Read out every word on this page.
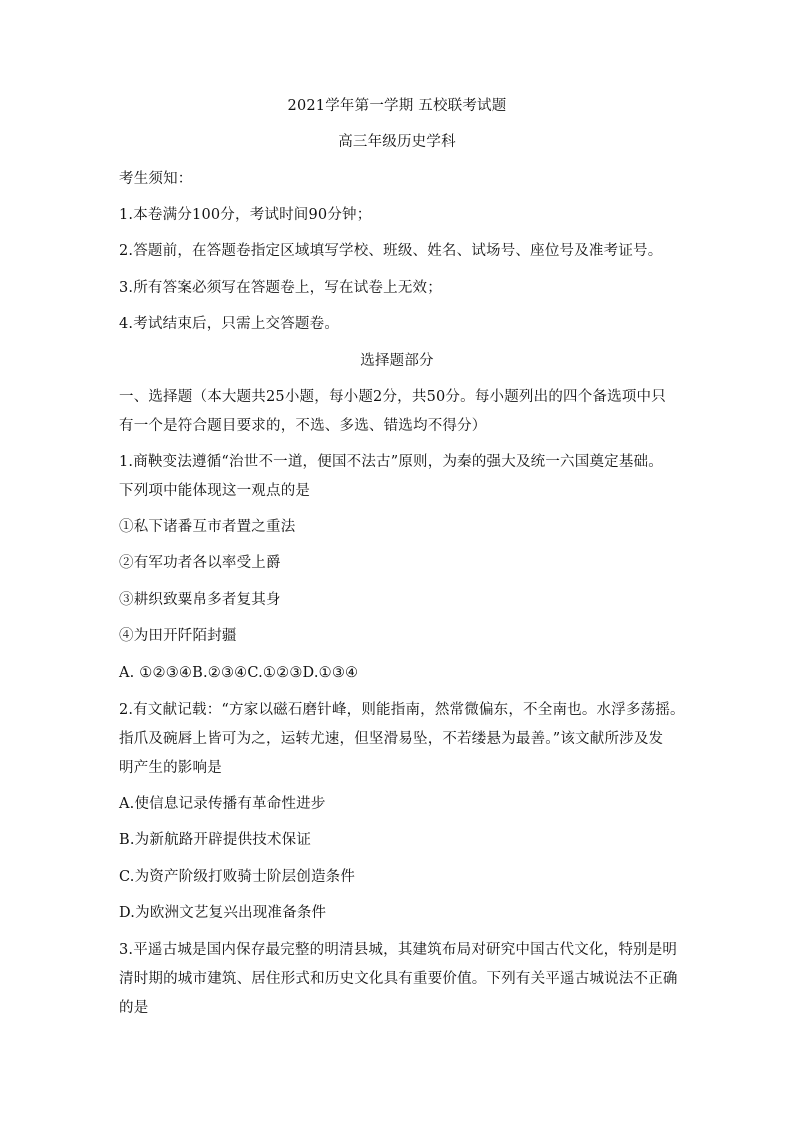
2021学年第一学期 五校联考试题
高三年级历史学科
考生须知：
1.本卷满分100分，考试时间90分钟；
2.答题前，在答题卷指定区域填写学校、班级、姓名、试场号、座位号及准考证号。
3.所有答案必须写在答题卷上，写在试卷上无效；
4.考试结束后，只需上交答题卷。
选择题部分
一、选择题（本大题共25小题，每小题2分，共50分。每小题列出的四个备选项中只
有一个是符合题目要求的，不选、多选、错选均不得分）
1.商鞅变法遵循“治世不一道，便国不法古”原则，为秦的强大及统一六国奠定基础。
下列项中能体现这一观点的是
①私下诸番互市者置之重法
②有军功者各以率受上爵
③耕织致粟帛多者复其身
④为田开阡陌封疆
A. ①②③④B.②③④C.①②③D.①③④
2.有文献记载：“方家以磁石磨针峰，则能指南，然常微偏东，不全南也。水浮多荡摇。
指爪及碗唇上皆可为之，运转尤速，但坚滑易坠，不若缕悬为最善。”该文献所涉及发
明产生的影响是
A.使信息记录传播有革命性进步
B.为新航路开辟提供技术保证
C.为资产阶级打败骑士阶层创造条件
D.为欧洲文艺复兴出现准备条件
3.平遥古城是国内保存最完整的明清县城，其建筑布局对研究中国古代文化，特别是明
清时期的城市建筑、居住形式和历史文化具有重要价值。下列有关平遥古城说法不正确
的是
